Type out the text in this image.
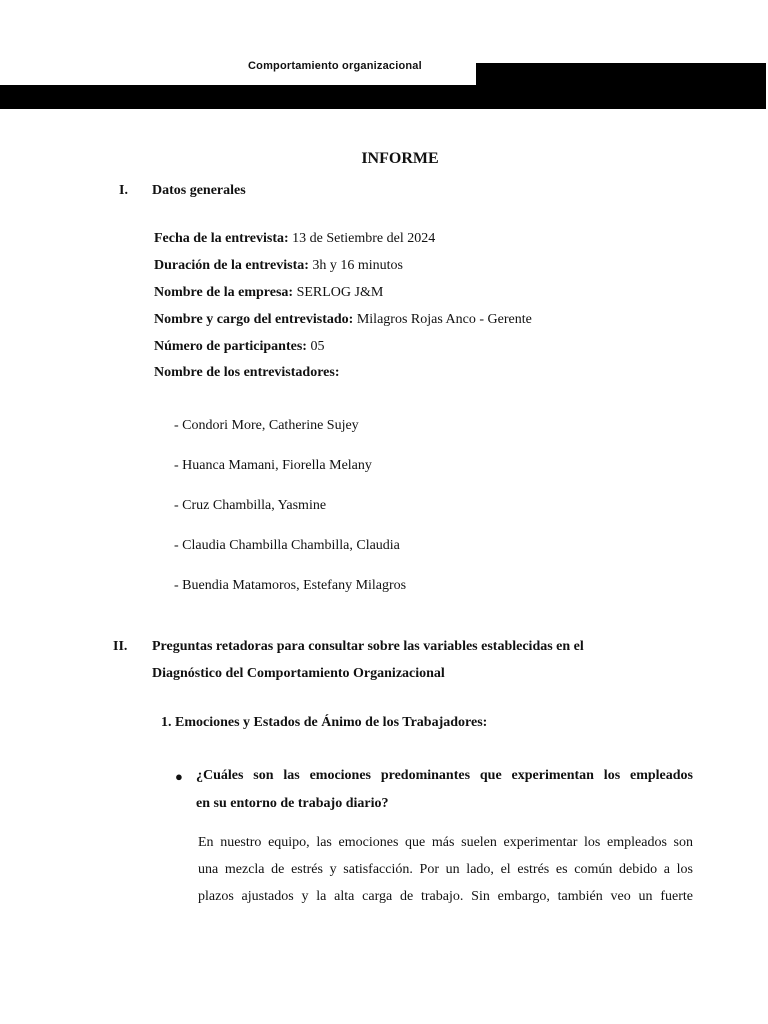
Comportamiento organizacional
INFORME
I. Datos generales
Fecha de la entrevista: 13 de Setiembre del 2024
Duración de la entrevista: 3h y 16 minutos
Nombre de la empresa: SERLOG J&M
Nombre y cargo del entrevistado: Milagros Rojas Anco - Gerente
Número de participantes: 05
Nombre de los entrevistadores:
- Condori More, Catherine Sujey
- Huanca Mamani, Fiorella Melany
- Cruz Chambilla, Yasmine
- Claudia Chambilla Chambilla, Claudia
- Buendia Matamoros, Estefany Milagros
II. Preguntas retadoras para consultar sobre las variables establecidas en el
Diagnóstico del Comportamiento Organizacional
1. Emociones y Estados de Ánimo de los Trabajadores:
● ¿Cuáles son las emociones predominantes que experimentan los empleados
en su entorno de trabajo diario?
En nuestro equipo, las emociones que más suelen experimentar los empleados son
una mezcla de estrés y satisfacción. Por un lado, el estrés es común debido a los
plazos ajustados y la alta carga de trabajo. Sin embargo, también veo un fuerte
